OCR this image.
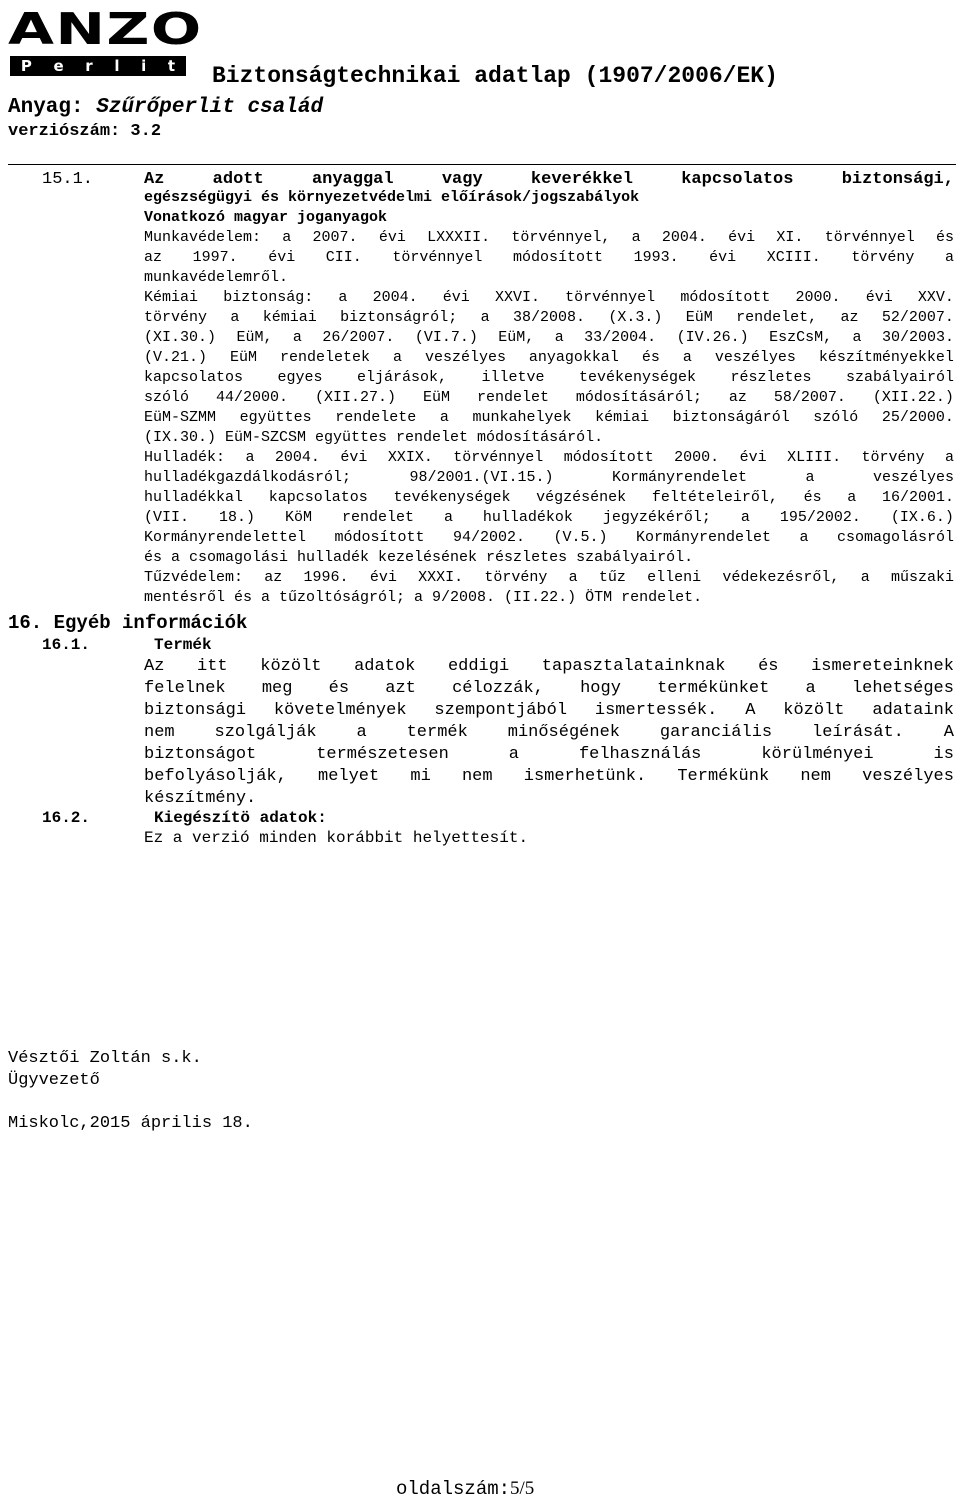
ANZO
P e r l i t Biztonságtechnikai adatlap (1907/2006/EK)
Anyag: Szűrőperlit család
verziószám: 3.2
15.1.	Az	adott	anyaggal	vagy	keverékkel	kapcsolatos	biztonsági,
egészségügyi és környezetvédelmi előírások/jogszabályok
Vonatkozó magyar joganyagok
Munkavédelem: a 2007. évi LXXXII. törvénnyel, a 2004. évi XI. törvénnyel és
az 1997. évi CII. törvénnyel módosított 1993. évi XCIII. törvény a
munkavédelemről.
Kémiai biztonság: a 2004. évi XXVI. törvénnyel módosított 2000. évi XXV.
törvény a kémiai biztonságról; a 38/2008. (X.3.) EüM rendelet, az 52/2007.
(XI.30.) EüM, a 26/2007. (VI.7.) EüM, a 33/2004. (IV.26.) EszCsM, a 30/2003.
(V.21.) EüM rendeletek a veszélyes anyagokkal és a veszélyes készítményekkel
kapcsolatos egyes eljárások, illetve tevékenységek részletes szabályairól
szóló 44/2000. (XII.27.) EüM rendelet módosításáról; az 58/2007. (XII.22.)
EüM-SZMM együttes rendelete a munkahelyek kémiai biztonságáról szóló 25/2000.
(IX.30.) EüM-SZCSM együttes rendelet módosításáról.
Hulladék: a 2004. évi XXIX. törvénnyel módosított 2000. évi XLIII. törvény a
hulladékgazdálkodásról;	98/2001.(VI.15.)	Kormányrendelet	a	veszélyes
hulladékkal kapcsolatos tevékenységek végzésének feltételeiről, és a 16/2001.
(VII. 18.) KöM rendelet a hulladékok jegyzékéről; a 195/2002. (IX.6.)
Kormányrendelettel módosított 94/2002. (V.5.) Kormányrendelet a csomagolásról
és a csomagolási hulladék kezelésének részletes szabályairól.
Tűzvédelem: az 1996. évi XXXI. törvény a tűz elleni védekezésről, a műszaki
mentésről és a tűzoltóságról; a 9/2008. (II.22.) ÖTM rendelet.
16. Egyéb információk
16.1.	Termék
Az itt közölt adatok eddigi tapasztalatainknak és ismereteinknek
felelnek meg és azt célozzák, hogy termékünket a lehetséges
biztonsági követelmények szempontjából ismertessék. A közölt adataink
nem szolgálják a termék minőségének garanciális leírását. A
biztonságot	természetesen	a	felhasználás	körülményei	is
befolyásolják, melyet mi nem ismerhetünk. Termékünk nem veszélyes
készítmény.
16.2.	Kiegészítö adatok:
Ez a verzió minden korábbit helyettesít.
Vésztői Zoltán s.k.
Ügyvezető
Miskolc,2015 április 18.
oldalszám:5/5
